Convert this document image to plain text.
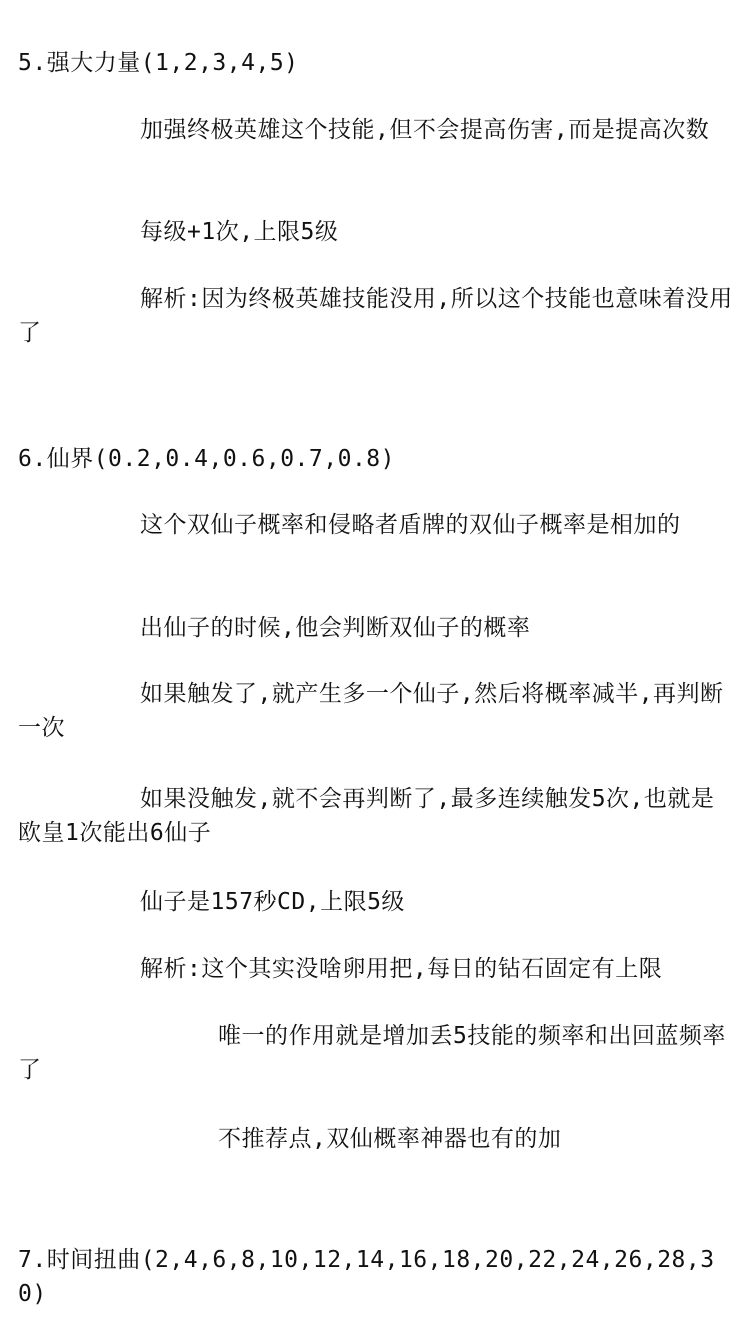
5.强大力量(1,2,3,4,5)
加强终极英雄这个技能,但不会提高伤害,而是提高次数
每级+1次,上限5级
解析:因为终极英雄技能没用,所以这个技能也意味着没用了
6.仙界(0.2,0.4,0.6,0.7,0.8)
这个双仙子概率和侵略者盾牌的双仙子概率是相加的
出仙子的时候,他会判断双仙子的概率
如果触发了,就产生多一个仙子,然后将概率减半,再判断一次
如果没触发,就不会再判断了,最多连续触发5次,也就是欧皇1次能出6仙子
仙子是157秒CD,上限5级
解析:这个其实没啥卵用把,每日的钻石固定有上限
唯一的作用就是增加丢5技能的频率和出回蓝频率了
不推荐点,双仙概率神器也有的加
7.时间扭曲(2,4,6,8,10,12,14,16,18,20,22,24,26,28,30)
